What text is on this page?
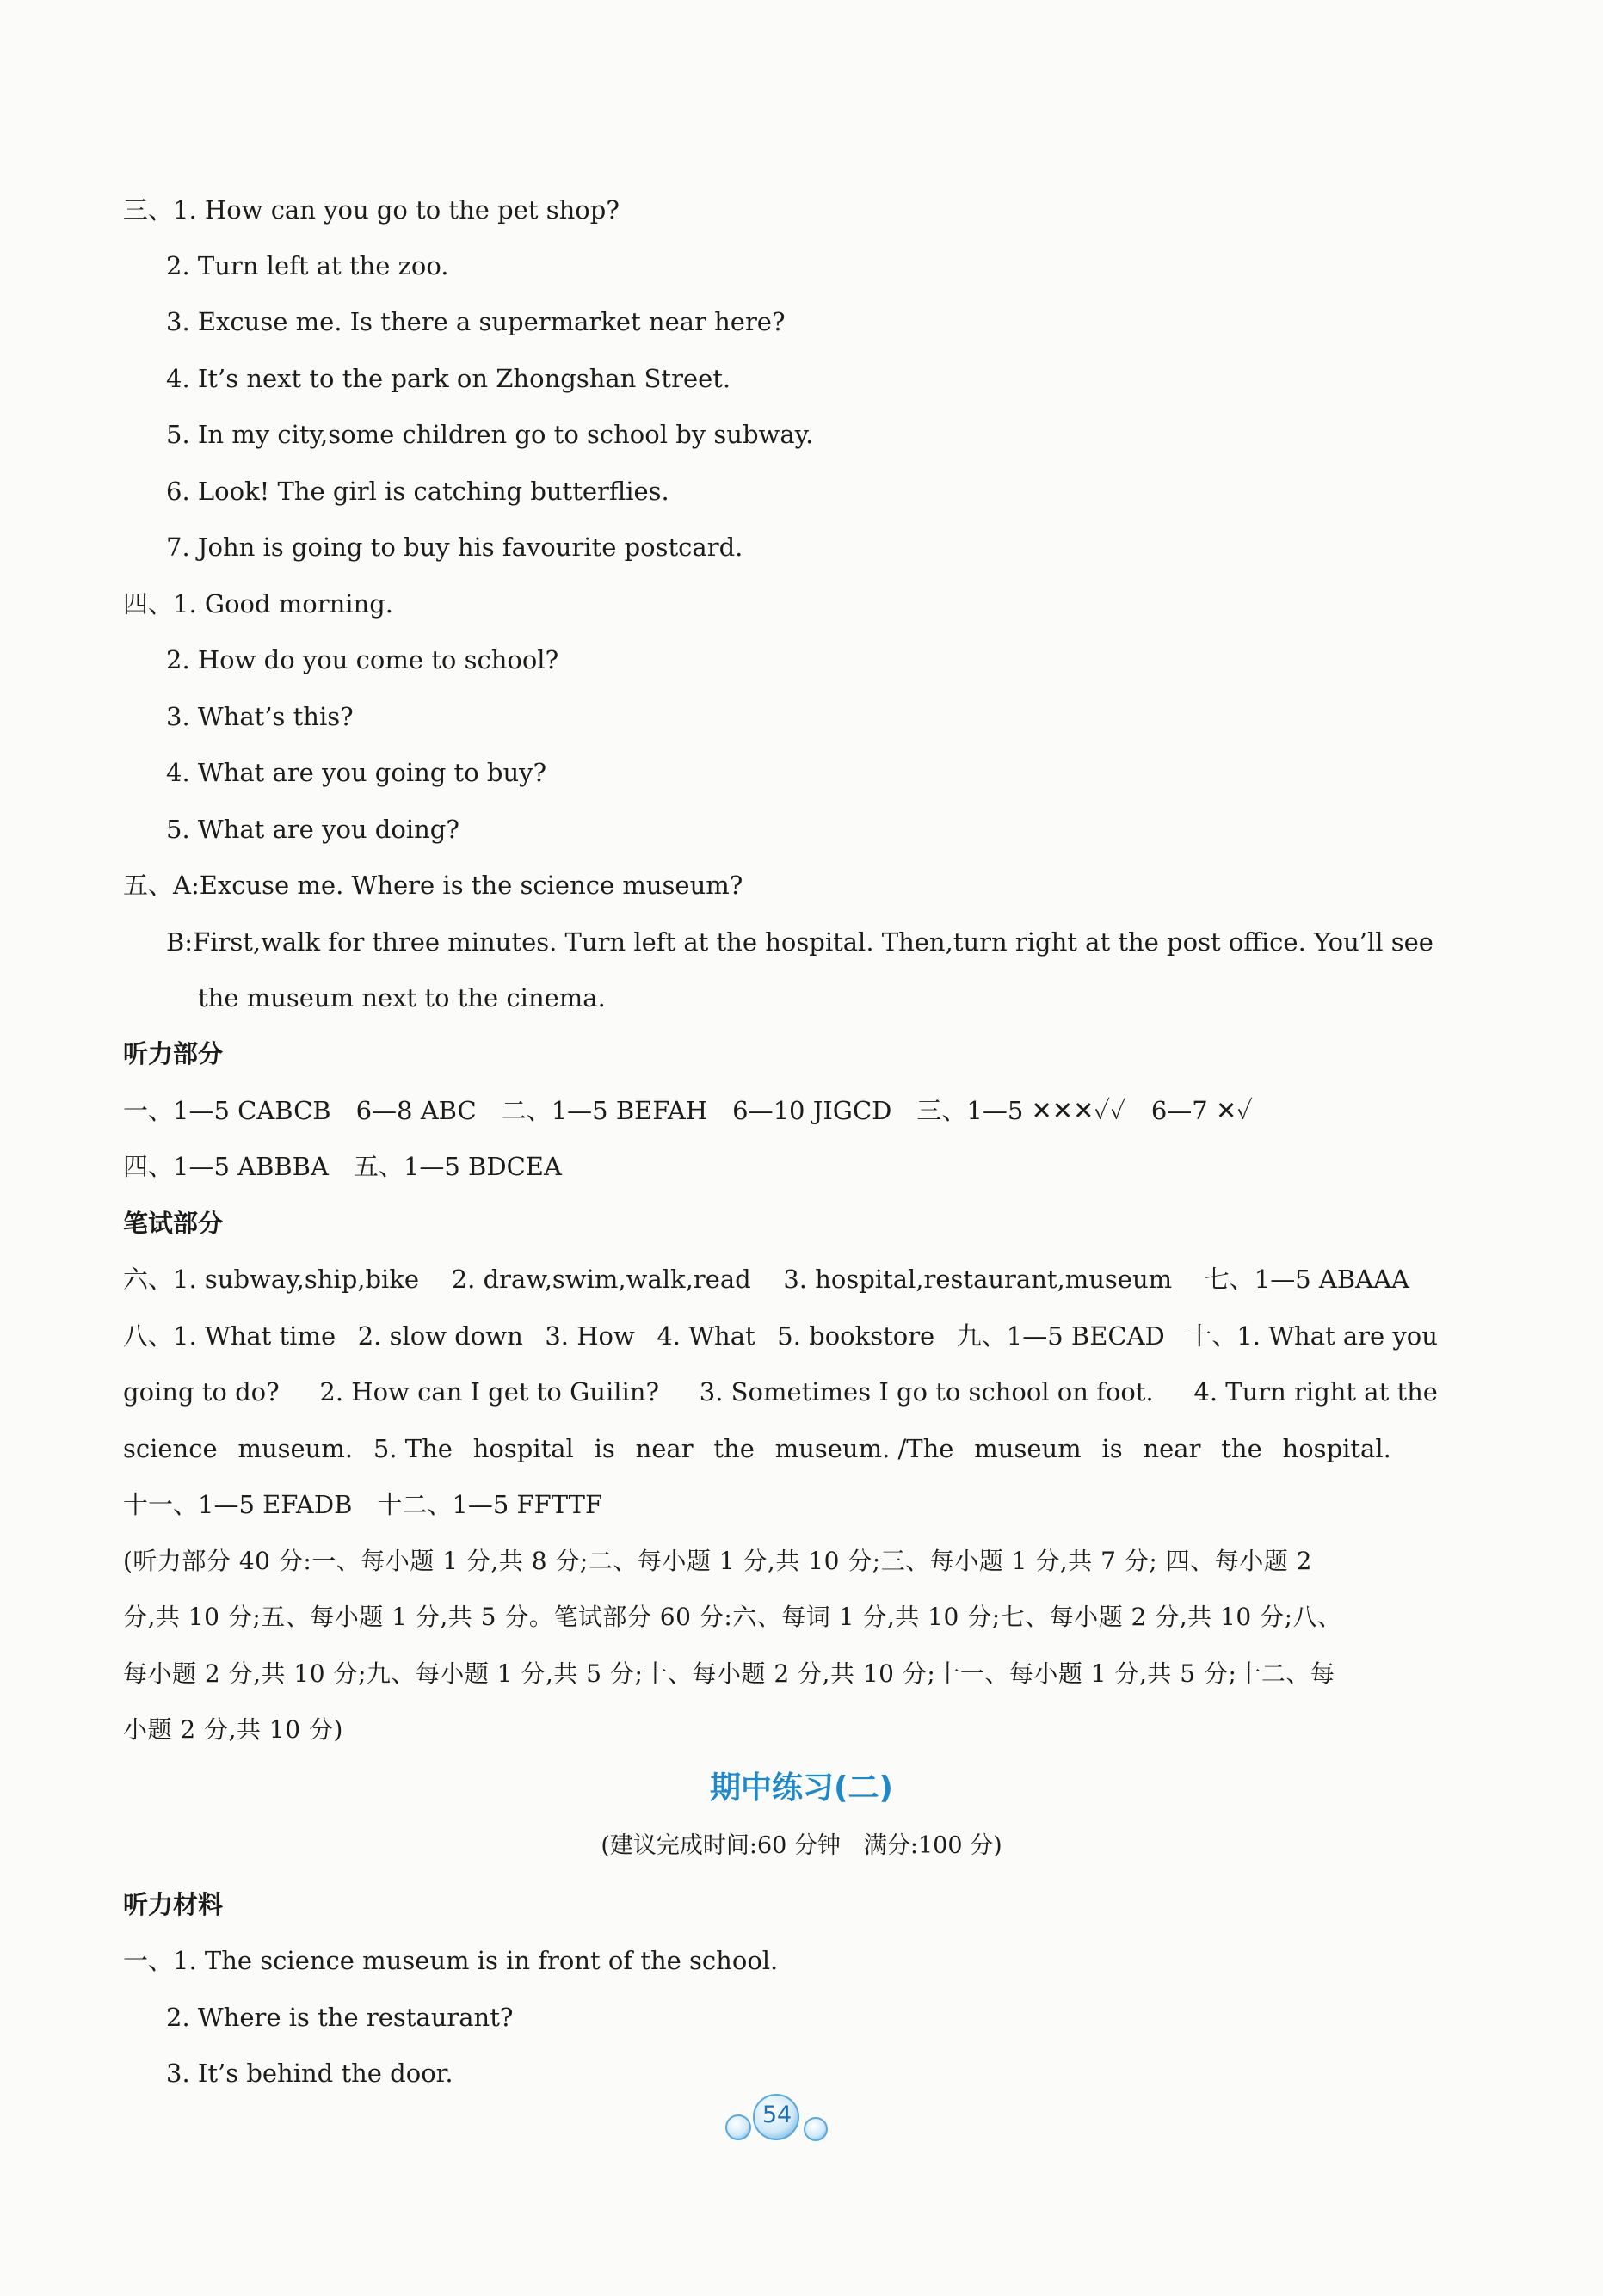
三、1. How can you go to the pet shop?
2. Turn left at the zoo.
3. Excuse me. Is there a supermarket near here?
4. It’s next to the park on Zhongshan Street.
5. In my city,some children go to school by subway.
6. Look! The girl is catching butterflies.
7. John is going to buy his favourite postcard.
四、1. Good morning.
2. How do you come to school?
3. What’s this?
4. What are you going to buy?
5. What are you doing?
五、A:Excuse me. Where is the science museum?
B:First,walk for three minutes. Turn left at the hospital. Then,turn right at the post office. You’ll see
the museum next to the cinema.
听力部分
一、1—5 CABCB　6—8 ABC　二、1—5 BEFAH　6—10 JIGCD　三、1—5 ✕✕✕✓✓　6—7 ✕✓
四、1—5 ABBBA　五、1—5 BDCEA
笔试部分
六、1. subway,ship,bike 2. draw,swim,walk,read 3. hospital,restaurant,museum 七、1—5 ABAAA
八、1. What time 2. slow down 3. How 4. What 5. bookstore 九、1—5 BECAD 十、1. What are you
going to do? 2. How can I get to Guilin? 3. Sometimes I go to school on foot. 4. Turn right at the
science museum. 5. The hospital is near the museum. /The museum is near the hospital.
十一、1—5 EFADB　十二、1—5 FFTTF
(听力部分 40 分:一、每小题 1 分,共 8 分;二、每小题 1 分,共 10 分;三、每小题 1 分,共 7 分; 四、每小题 2
分,共 10 分;五、每小题 1 分,共 5 分。笔试部分 60 分:六、每词 1 分,共 10 分;七、每小题 2 分,共 10 分;八、
每小题 2 分,共 10 分;九、每小题 1 分,共 5 分;十、每小题 2 分,共 10 分;十一、每小题 1 分,共 5 分;十二、每
小题 2 分,共 10 分)
期中练习(二)
(建议完成时间:60 分钟　满分:100 分)
听力材料
一、1. The science museum is in front of the school.
2. Where is the restaurant?
3. It’s behind the door.
54
